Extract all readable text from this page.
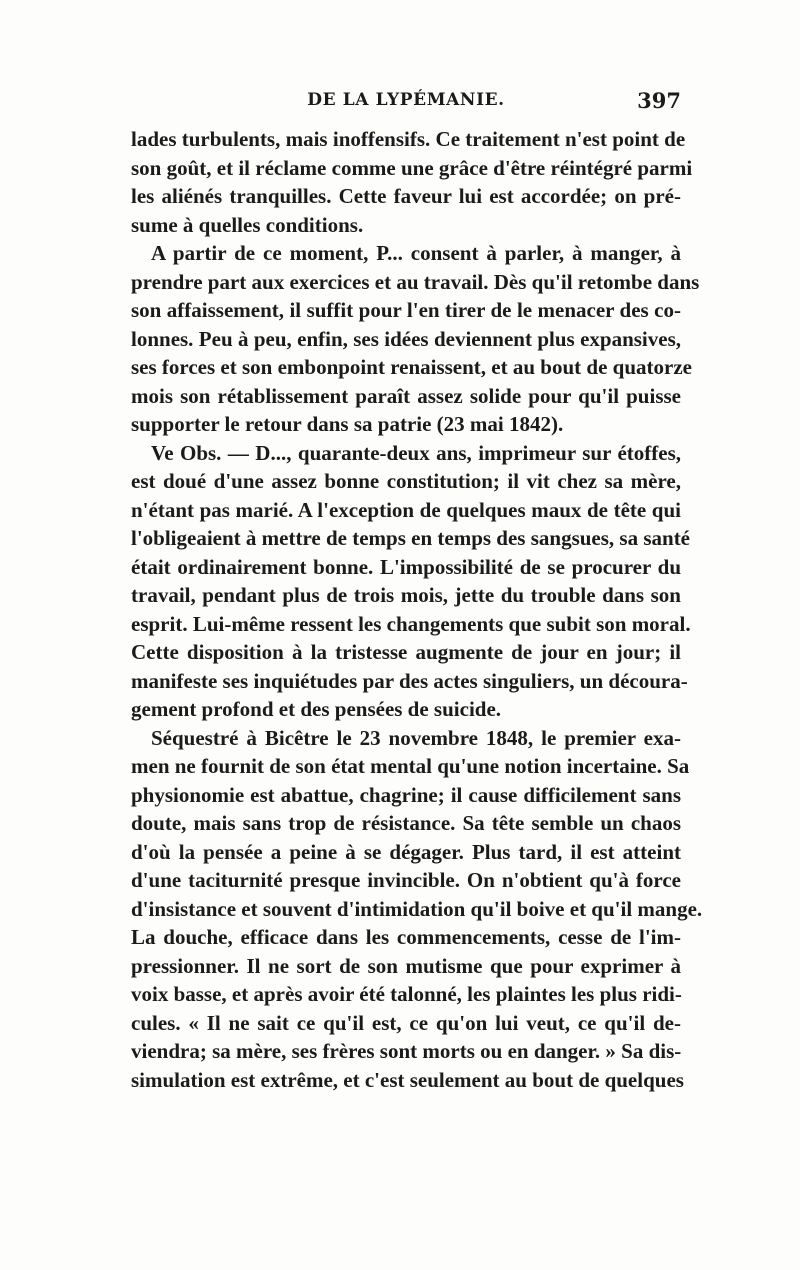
DE LA LYPÉMANIE.	397
lades turbulents, mais inoffensifs. Ce traitement n'est point de
son goût, et il réclame comme une grâce d'être réintégré parmi
les aliénés tranquilles. Cette faveur lui est accordée; on pré-
sume à quelles conditions.
A partir de ce moment, P... consent à parler, à manger, à
prendre part aux exercices et au travail. Dès qu'il retombe dans
son affaissement, il suffit pour l'en tirer de le menacer des co-
lonnes. Peu à peu, enfin, ses idées deviennent plus expansives,
ses forces et son embonpoint renaissent, et au bout de quatorze
mois son rétablissement paraît assez solide pour qu'il puisse
supporter le retour dans sa patrie (23 mai 1842).
Ve Obs. — D..., quarante-deux ans, imprimeur sur étoffes,
est doué d'une assez bonne constitution; il vit chez sa mère,
n'étant pas marié. A l'exception de quelques maux de tête qui
l'obligeaient à mettre de temps en temps des sangsues, sa santé
était ordinairement bonne. L'impossibilité de se procurer du
travail, pendant plus de trois mois, jette du trouble dans son
esprit. Lui-même ressent les changements que subit son moral.
Cette disposition à la tristesse augmente de jour en jour; il
manifeste ses inquiétudes par des actes singuliers, un découra-
gement profond et des pensées de suicide.
Séquestré à Bicêtre le 23 novembre 1848, le premier exa-
men ne fournit de son état mental qu'une notion incertaine. Sa
physionomie est abattue, chagrine; il cause difficilement sans
doute, mais sans trop de résistance. Sa tête semble un chaos
d'où la pensée a peine à se dégager. Plus tard, il est atteint
d'une taciturnité presque invincible. On n'obtient qu'à force
d'insistance et souvent d'intimidation qu'il boive et qu'il mange.
La douche, efficace dans les commencements, cesse de l'im-
pressionner. Il ne sort de son mutisme que pour exprimer à
voix basse, et après avoir été talonné, les plaintes les plus ridi-
cules. « Il ne sait ce qu'il est, ce qu'on lui veut, ce qu'il de-
viendra; sa mère, ses frères sont morts ou en danger. » Sa dis-
simulation est extrême, et c'est seulement au bout de quelques
